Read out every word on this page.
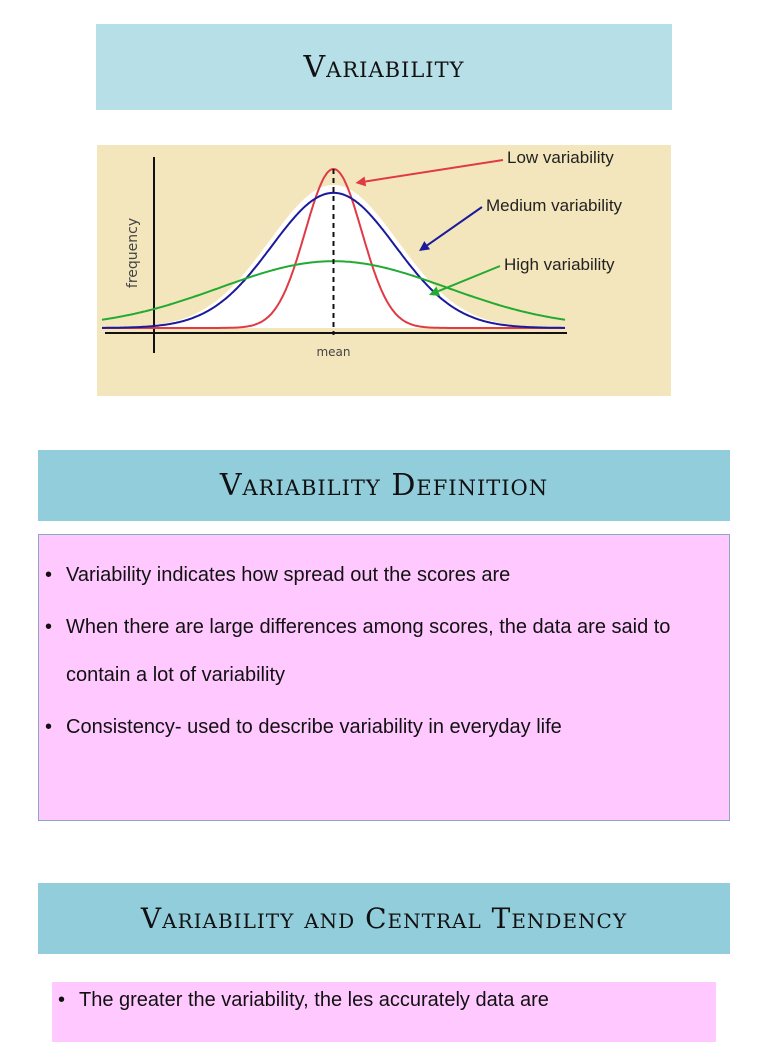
Variability
frequency
mean
Low variability
Medium variability
High variability
Variability Definition
• Variability indicates how spread out the scores are
• When there are large differences among scores, the data are said to contain a lot of variability
• Consistency- used to describe variability in everyday life
Variability and Central Tendency
• The greater the variability, the les accurately data are
